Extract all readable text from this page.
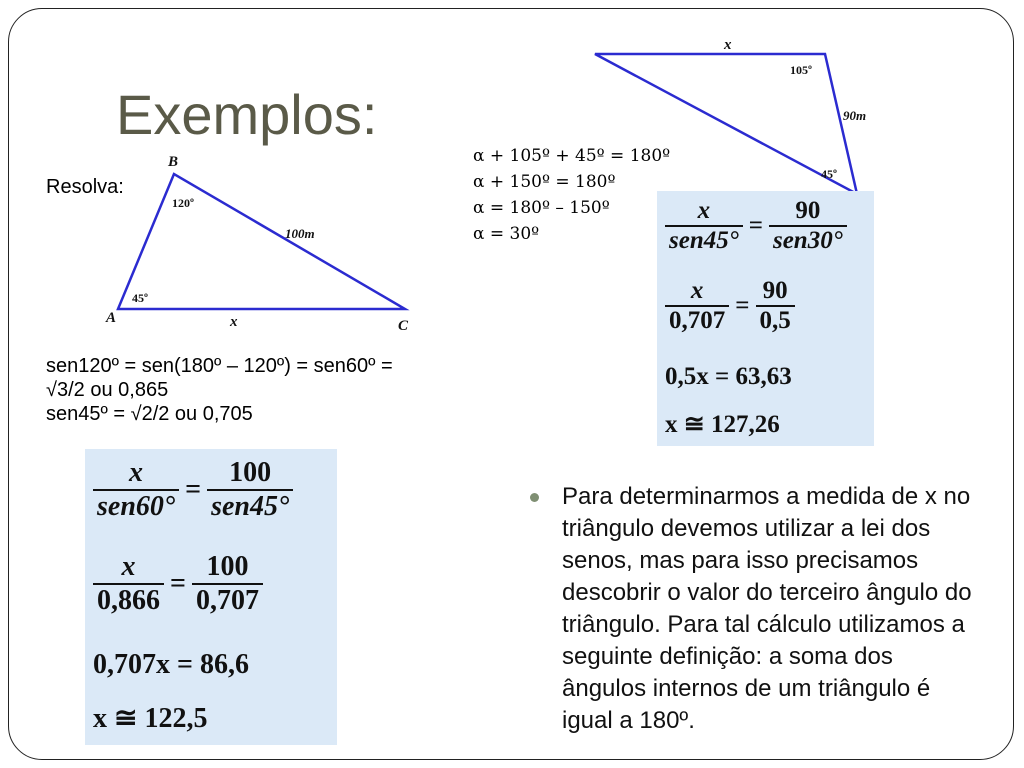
Exemplos:
Resolva:
B
A	C
120º
45º
100m
x
x
105º
90m
45º
sen120º = sen(180º – 120º) = sen60º =
√3/2 ou 0,865
sen45º = √2/2 ou 0,705
α + 105º + 45º = 180º
α + 150º = 180º
α = 180º – 150º
α = 30º
$\frac{x}{\text{sen60°}} = \frac{100}{\text{sen45°}}$
$\frac{x}{0,866} = \frac{100}{0,707}$
0,707x = 86,6
x ≅ 122,5
$\frac{x}{\text{sen45°}} = \frac{90}{\text{sen30°}}$
$\frac{x}{0,707} = \frac{90}{0,5}$
0,5x = 63,63
x ≅ 127,26
Para determinarmos a medida de x no triângulo devemos utilizar a lei dos senos, mas para isso precisamos descobrir o valor do terceiro ângulo do triângulo. Para tal cálculo utilizamos a seguinte definição: a soma dos ângulos internos de um triângulo é igual a 180º.
